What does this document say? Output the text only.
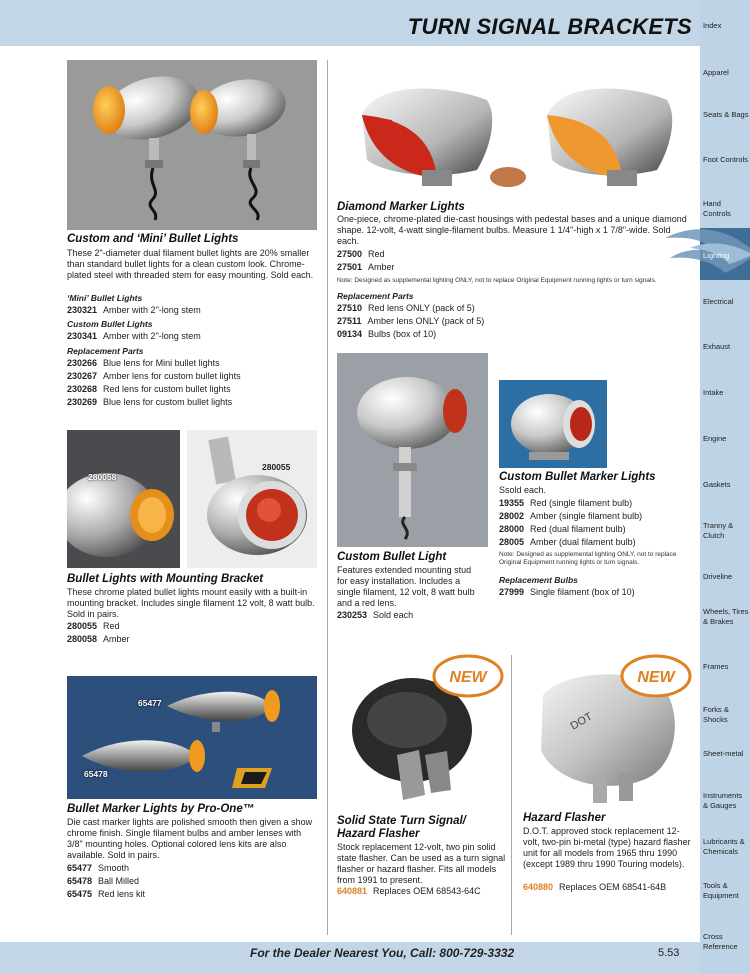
TURN SIGNAL BRACKETS Index
Apparel
Seats & Bags
Foot Controls
Hand Controls
Lighting
Electrical
Exhaust
Intake
Engine
Gaskets
Tranny & Clutch
Driveline
Wheels, Tires & Brakes
Frames
Forks & Shocks
Sheet-metal
Instruments & Gauges
Lubricants & Chemicals
Tools & Equipment
Cross Reference
For the Dealer Nearest You, Call: 800-729-3332	5.53
Custom and ‘Mini’ Bullet Lights
These 2"-diameter dual filament bullet lights are 20% smaller than standard bullet lights for a clean custom look. Chrome-plated steel with threaded stem for easy mounting. Sold each.
‘Mini’ Bullet Lights
230321 Amber with 2"-long stem
Custom Bullet Lights
230341 Amber with 2"-long stem
Replacement Parts
230266 Blue lens for Mini bullet lights
230267 Amber lens for custom bullet lights
230268 Red lens for custom bullet lights
230269 Blue lens for custom bullet lights
280058
280055
Bullet Lights with Mounting Bracket
These chrome plated bullet lights mount easily with a built-in mounting bracket. Includes single filament 12 volt, 8 watt bulb. Sold in pairs.
280055 Red
280058 Amber
65477
65478
Bullet Marker Lights by Pro-One™
Die cast marker lights are polished smooth then given a show chrome finish. Single filament bulbs and amber lenses with 3/8" mounting holes. Optional colored lens kits are also available. Sold in pairs.
65477 Smooth
65478 Ball Milled
65475 Red lens kit
Diamond Marker Lights
One-piece, chrome-plated die-cast housings with pedestal bases and a unique diamond shape. 12-volt, 4-watt single-filament bulbs. Measure 1 1/4"-high x 1 7/8"-wide. Sold each.
27500 Red
27501 Amber
Note: Designed as supplemental lighting ONLY, not to replace Original Equipment running lights or turn signals.
Replacement Parts
27510 Red lens ONLY (pack of 5)
27511 Amber lens ONLY (pack of 5)
09134 Bulbs (box of 10)
Custom Bullet Light
Features extended mounting stud for easy installation. Includes a single filament, 12 volt, 8 watt bulb and a red lens.
230253 Sold each
Custom Bullet Marker Lights
Ssold each.
19355 Red (single filament bulb)
28002 Amber (single filament bulb)
28000 Red (dual filament bulb)
28005 Amber (dual filament bulb)
Note: Designed as supplemental lighting ONLY, not to replace Original Equipment running lights or turn signals.
Replacement Bulbs
27999 Single filament (box of 10)
NEW
Solid State Turn Signal/ Hazard Flasher
Stock replacement 12-volt, two pin solid state flasher. Can be used as a turn signal flasher or hazard flasher. Fits all models from 1991 to present.
640881 Replaces OEM 68543-64C
DOT
NEW
Hazard Flasher
D.O.T. approved stock replacement 12-volt, two-pin bi-metal (type) hazard flasher unit for all models from 1965 thru 1990 (except 1989 thru 1990 Touring models).
640880 Replaces OEM 68541-64B
